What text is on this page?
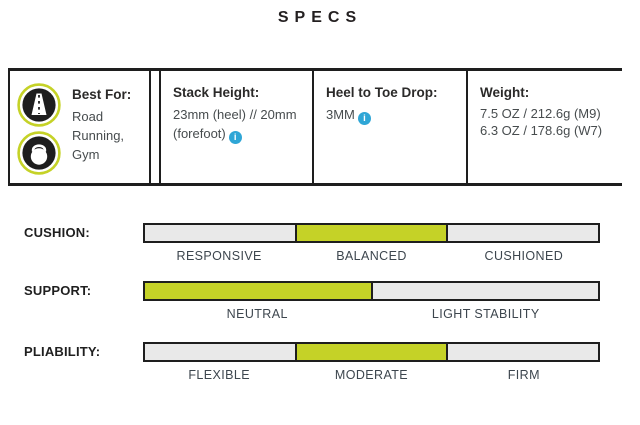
SPECS

Best For:

Road Running, Gym

Stack Height:

23mm (heel) // 20mm (forefoot) i

Heel to Toe Drop:

3MM i

Weight:

7.5 OZ / 212.6g (M9)

6.3 OZ / 178.6g (W7)

CUSHION:
RESPONSIVE	BALANCED	CUSHIONED
SUPPORT:
NEUTRAL	LIGHT STABILITY
PLIABILITY:
FLEXIBLE	MODERATE	FIRM
